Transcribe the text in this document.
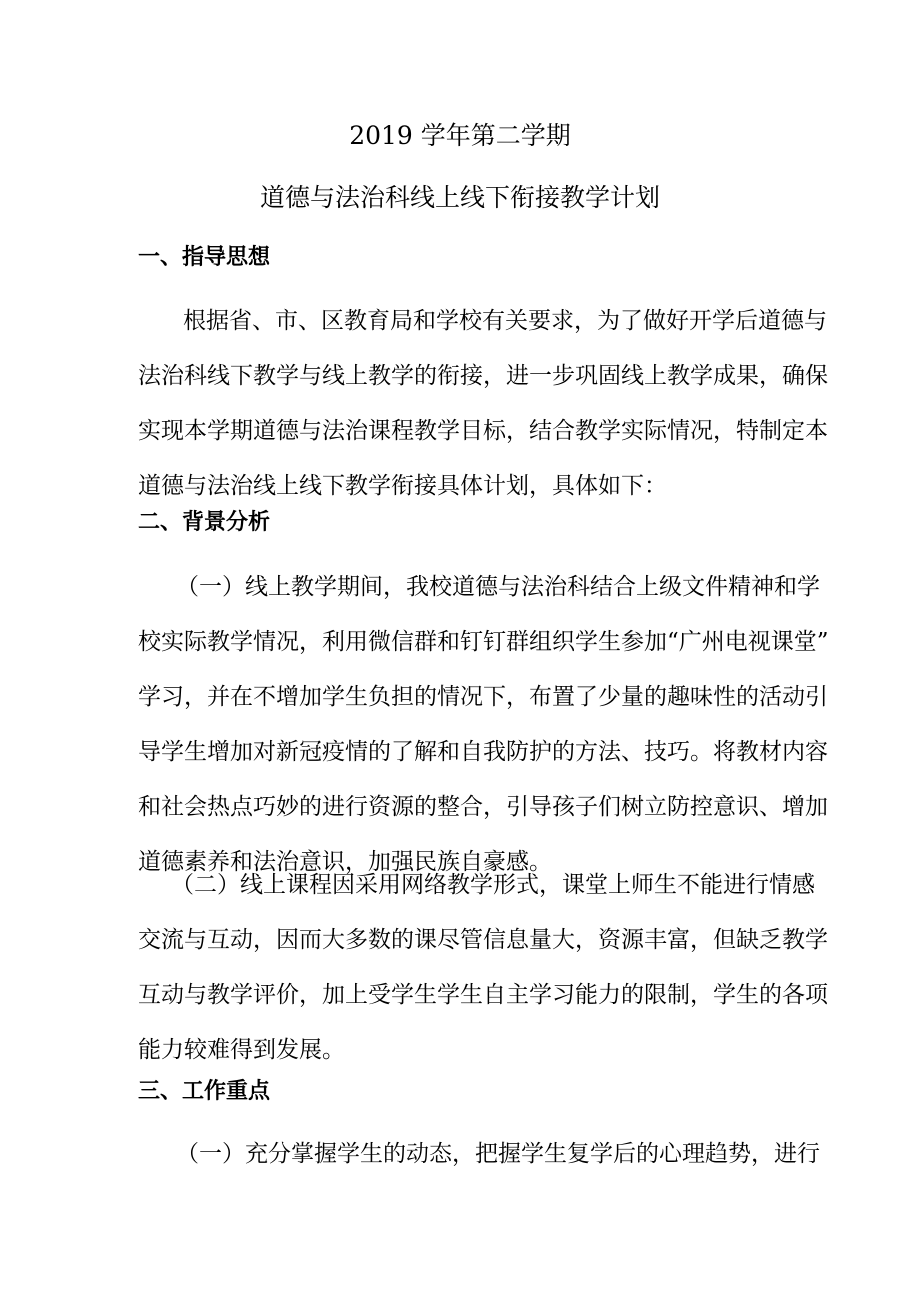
2019 学年第二学期
道德与法治科线上线下衔接教学计划
一、指导思想
根据省、市、区教育局和学校有关要求，为了做好开学后道德与
法治科线下教学与线上教学的衔接，进一步巩固线上教学成果，确保
实现本学期道德与法治课程教学目标，结合教学实际情况，特制定本
道德与法治线上线下教学衔接具体计划，具体如下：
二、背景分析
（一）线上教学期间，我校道德与法治科结合上级文件精神和学
校实际教学情况，利用微信群和钉钉群组织学生参加“广州电视课堂”
学习，并在不增加学生负担的情况下，布置了少量的趣味性的活动引
导学生增加对新冠疫情的了解和自我防护的方法、技巧。将教材内容
和社会热点巧妙的进行资源的整合，引导孩子们树立防控意识、增加
道德素养和法治意识，加强民族自豪感。
（二）线上课程因采用网络教学形式，课堂上师生不能进行情感
交流与互动，因而大多数的课尽管信息量大，资源丰富，但缺乏教学
互动与教学评价，加上受学生学生自主学习能力的限制，学生的各项
能力较难得到发展。
三、工作重点
（一）充分掌握学生的动态，把握学生复学后的心理趋势，进行
